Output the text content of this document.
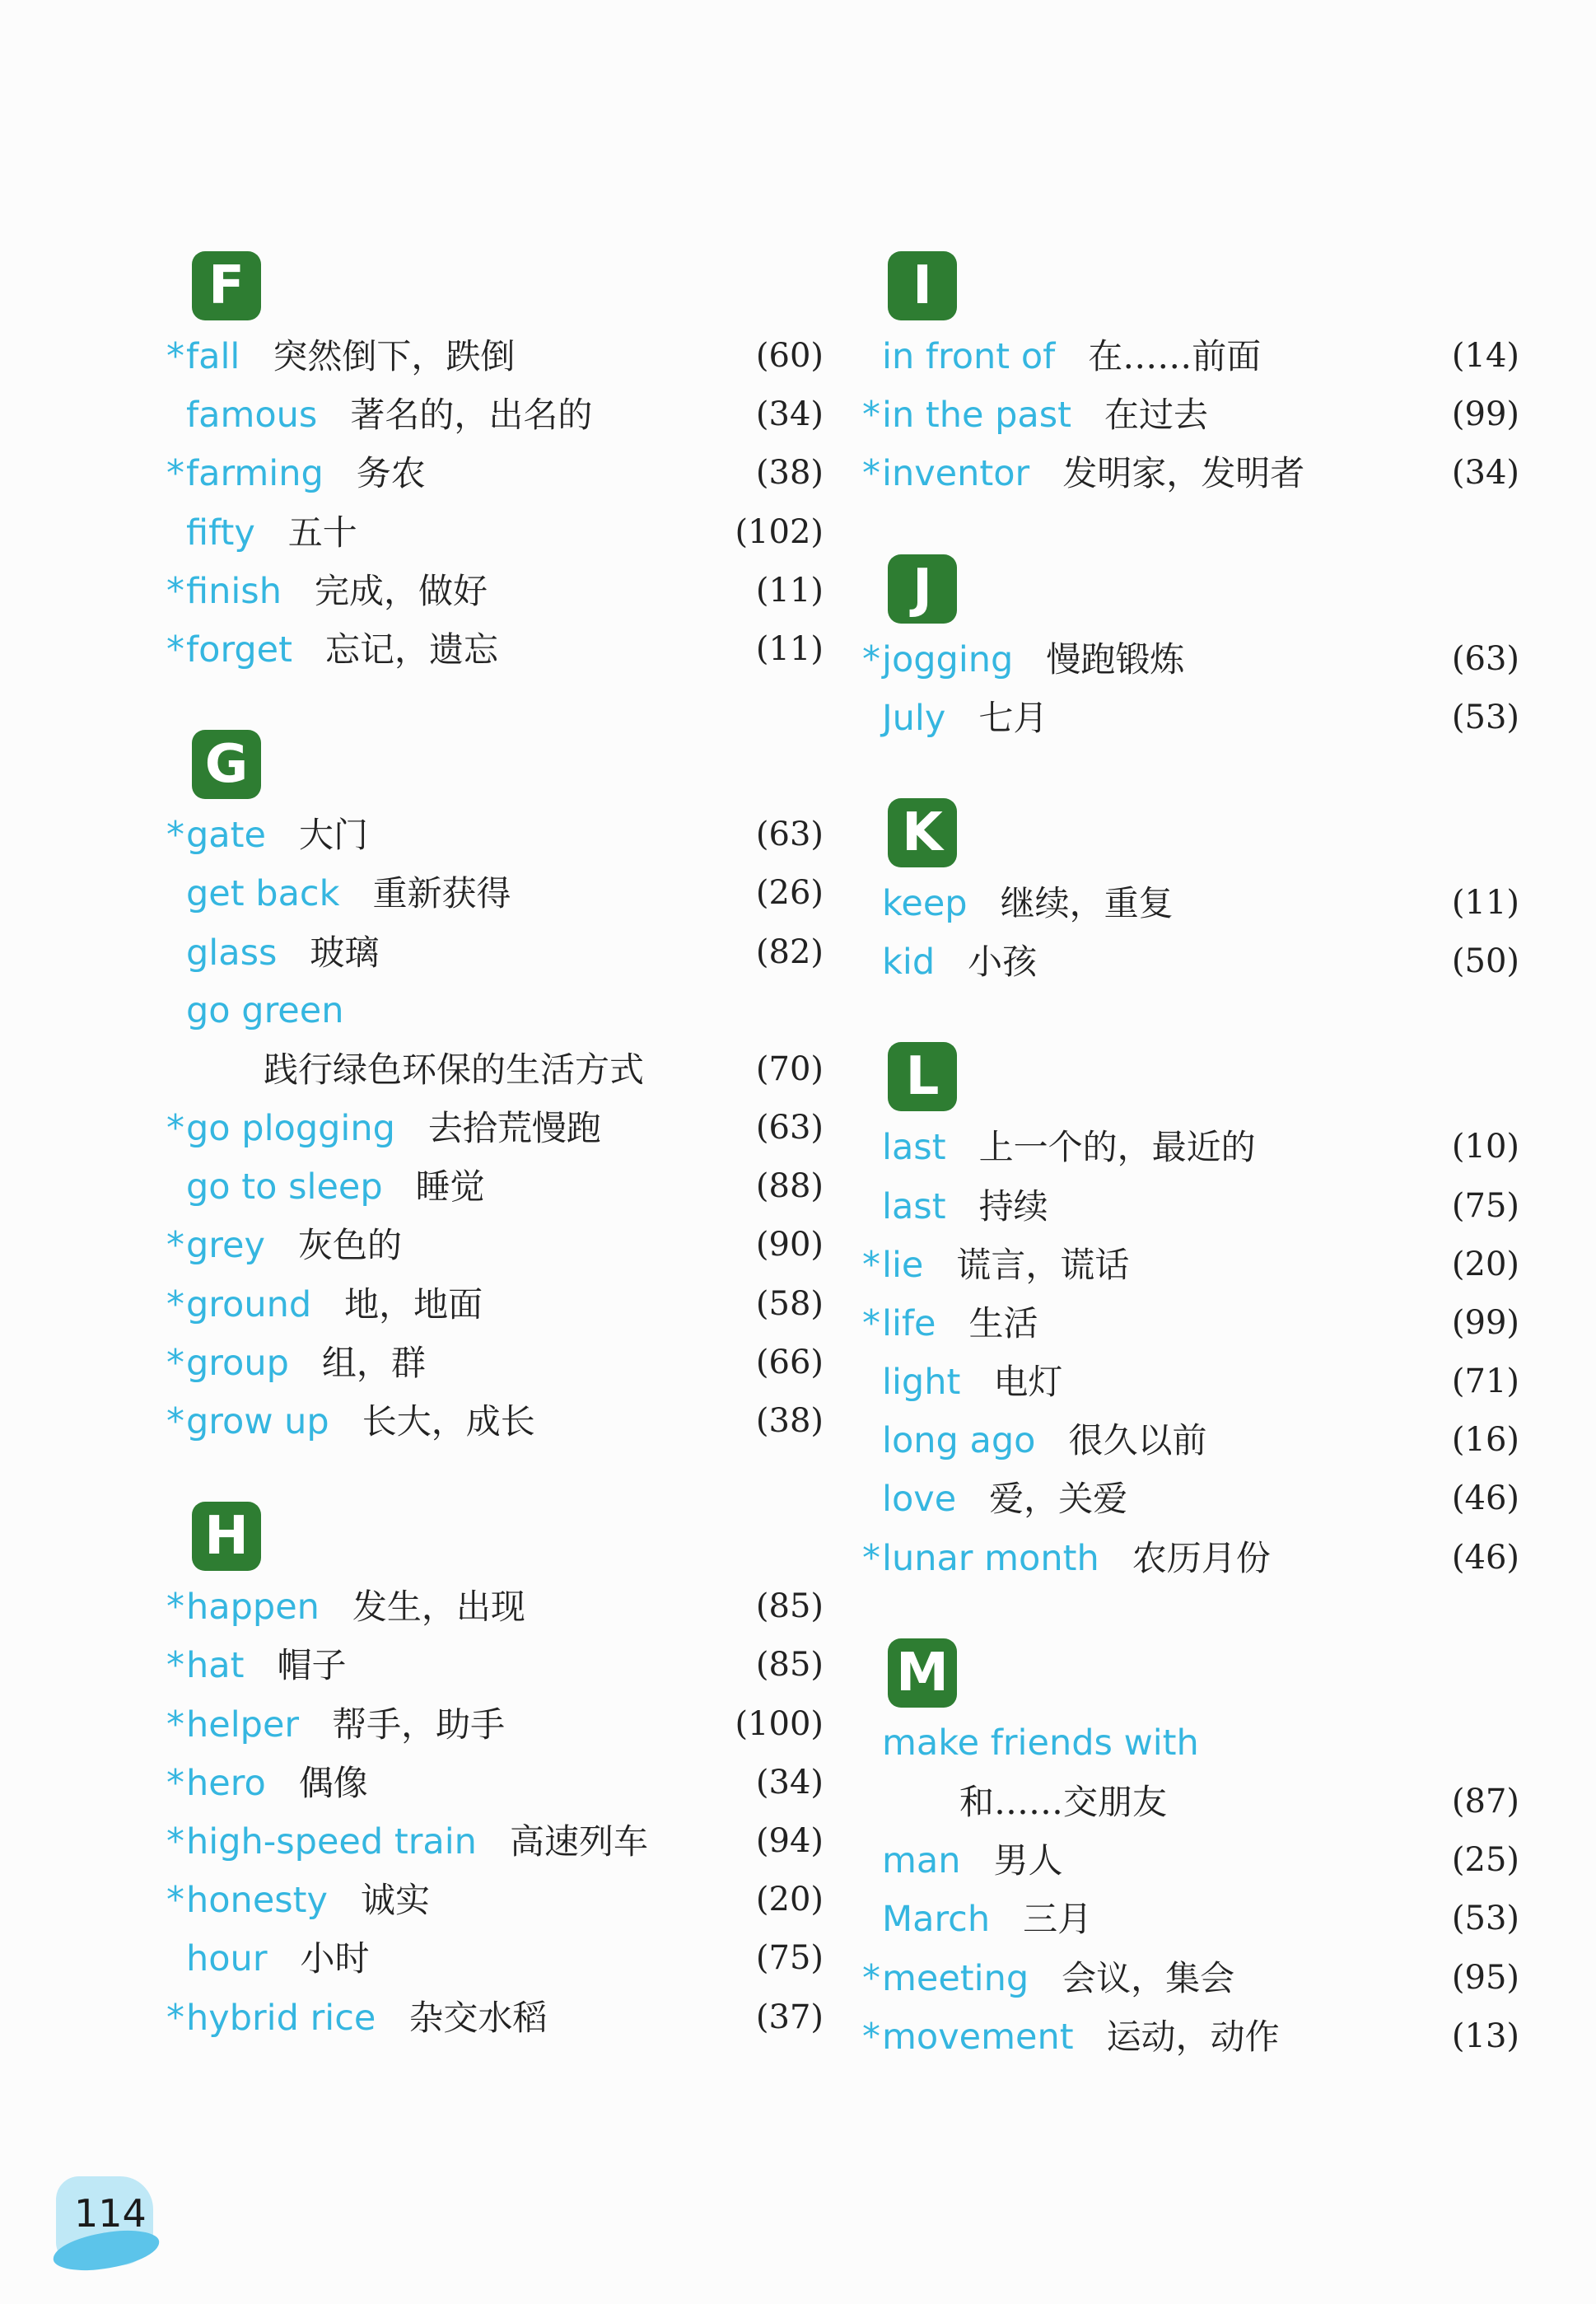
F
* fall 突然倒下，跌倒	(60)
famous 著名的，出名的	(34)
* farming 务农	(38)
fifty 五十	(102)
* finish 完成，做好	(11)
* forget 忘记，遗忘	(11)
G
* gate 大门	(63)
get back 重新获得	(26)
glass 玻璃	(82)
go green
践行绿色环保的生活方式	(70)
* go plogging 去拾荒慢跑	(63)
go to sleep 睡觉	(88)
* grey 灰色的	(90)
* ground 地，地面	(58)
* group 组，群	(66)
* grow up 长大，成长	(38)
H
* happen 发生，出现	(85)
* hat 帽子	(85)
* helper 帮手，助手	(100)
* hero 偶像	(34)
* high-speed train 高速列车	(94)
* honesty 诚实	(20)
hour 小时	(75)
* hybrid rice 杂交水稻	(37)
I
in front of 在……前面	(14)
* in the past 在过去	(99)
* inventor 发明家，发明者	(34)
J
* jogging 慢跑锻炼	(63)
July 七月	(53)
K
keep 继续，重复	(11)
kid 小孩	(50)
L
last 上一个的，最近的	(10)
last 持续	(75)
* lie 谎言，谎话	(20)
* life 生活	(99)
light 电灯	(71)
long ago 很久以前	(16)
love 爱，关爱	(46)
* lunar month 农历月份	(46)
M
make friends with
和……交朋友	(87)
man 男人	(25)
March 三月	(53)
* meeting 会议，集会	(95)
* movement 运动，动作	(13)
114
